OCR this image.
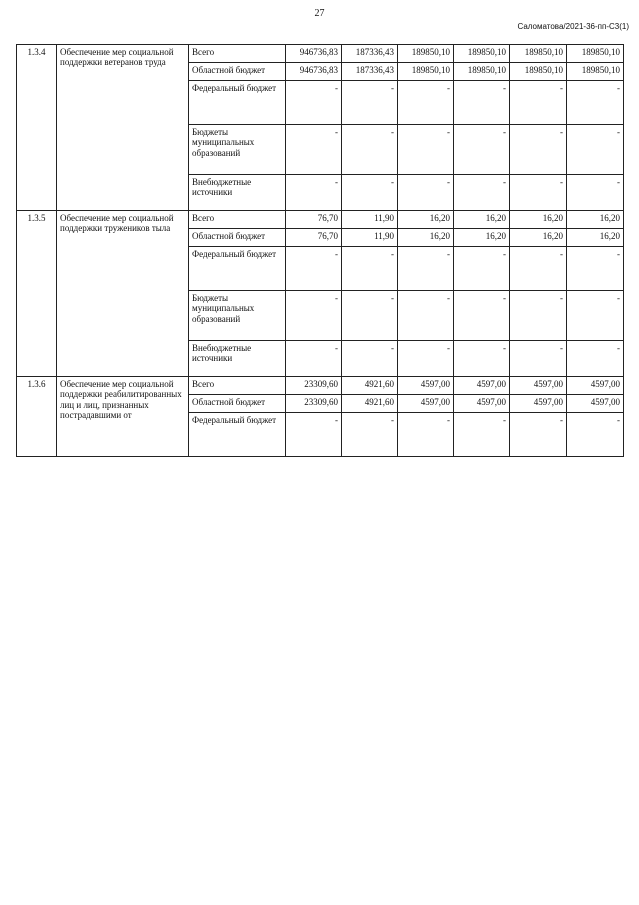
27
Саломатова/2021-36-пп-C3(1)
1.3.4	Обеспечение мер социальной поддержки ветеранов труда	Всего	946736,83	187336,43	189850,10	189850,10	189850,10	189850,10
		Областной бюджет	946736,83	187336,43	189850,10	189850,10	189850,10	189850,10
		Федеральный бюджет	-	-	-	-	-	-
		Бюджеты муниципальных образований	-	-	-	-	-	-
		Внебюджетные источники	-	-	-	-	-	-
1.3.5	Обеспечение мер социальной поддержки тружеников тыла	Всего	76,70	11,90	16,20	16,20	16,20	16,20
		Областной бюджет	76,70	11,90	16,20	16,20	16,20	16,20
		Федеральный бюджет	-	-	-	-	-	-
		Бюджеты муниципальных образований	-	-	-	-	-	-
		Внебюджетные источники	-	-	-	-	-	-
1.3.6	Обеспечение мер социальной поддержки реабилитированных лиц и лиц, признанных пострадавшими от	Всего	23309,60	4921,60	4597,00	4597,00	4597,00	4597,00
		Областной бюджет	23309,60	4921,60	4597,00	4597,00	4597,00	4597,00
		Федеральный бюджет	-	-	-	-	-	-
